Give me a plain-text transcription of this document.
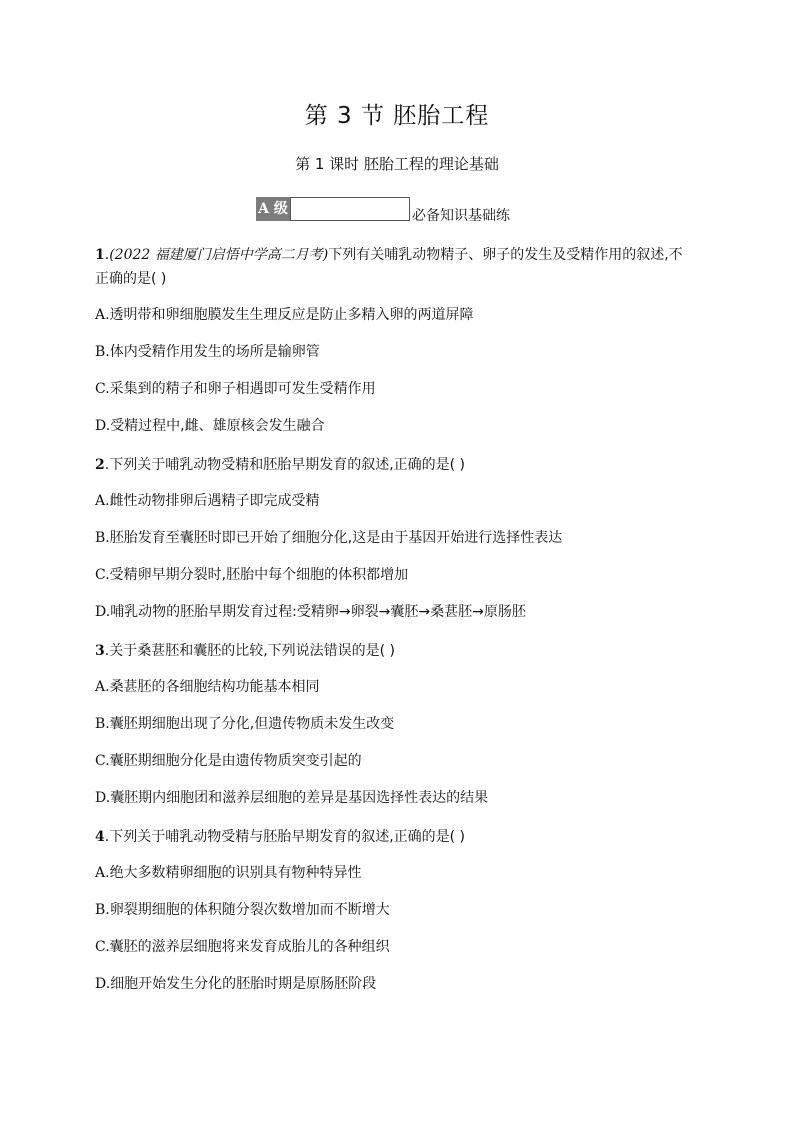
第 3 节 胚胎工程
第 1 课时 胚胎工程的理论基础
A 级	必备知识基础练
1.(2022 福建厦门启悟中学高二月考)下列有关哺乳动物精子、卵子的发生及受精作用的叙述,不正确的是( )
A.透明带和卵细胞膜发生生理反应是防止多精入卵的两道屏障
B.体内受精作用发生的场所是输卵管
C.采集到的精子和卵子相遇即可发生受精作用
D.受精过程中,雌、雄原核会发生融合
2.下列关于哺乳动物受精和胚胎早期发育的叙述,正确的是( )
A.雌性动物排卵后遇精子即完成受精
B.胚胎发育至囊胚时即已开始了细胞分化,这是由于基因开始进行选择性表达
C.受精卵早期分裂时,胚胎中每个细胞的体积都增加
D.哺乳动物的胚胎早期发育过程:受精卵→卵裂→囊胚→桑葚胚→原肠胚
3.关于桑葚胚和囊胚的比较,下列说法错误的是( )
A.桑葚胚的各细胞结构功能基本相同
B.囊胚期细胞出现了分化,但遗传物质未发生改变
C.囊胚期细胞分化是由遗传物质突变引起的
D.囊胚期内细胞团和滋养层细胞的差异是基因选择性表达的结果
4.下列关于哺乳动物受精与胚胎早期发育的叙述,正确的是( )
A.绝大多数精卵细胞的识别具有物种特异性
B.卵裂期细胞的体积随分裂次数增加而不断增大
C.囊胚的滋养层细胞将来发育成胎儿的各种组织
D.细胞开始发生分化的胚胎时期是原肠胚阶段
